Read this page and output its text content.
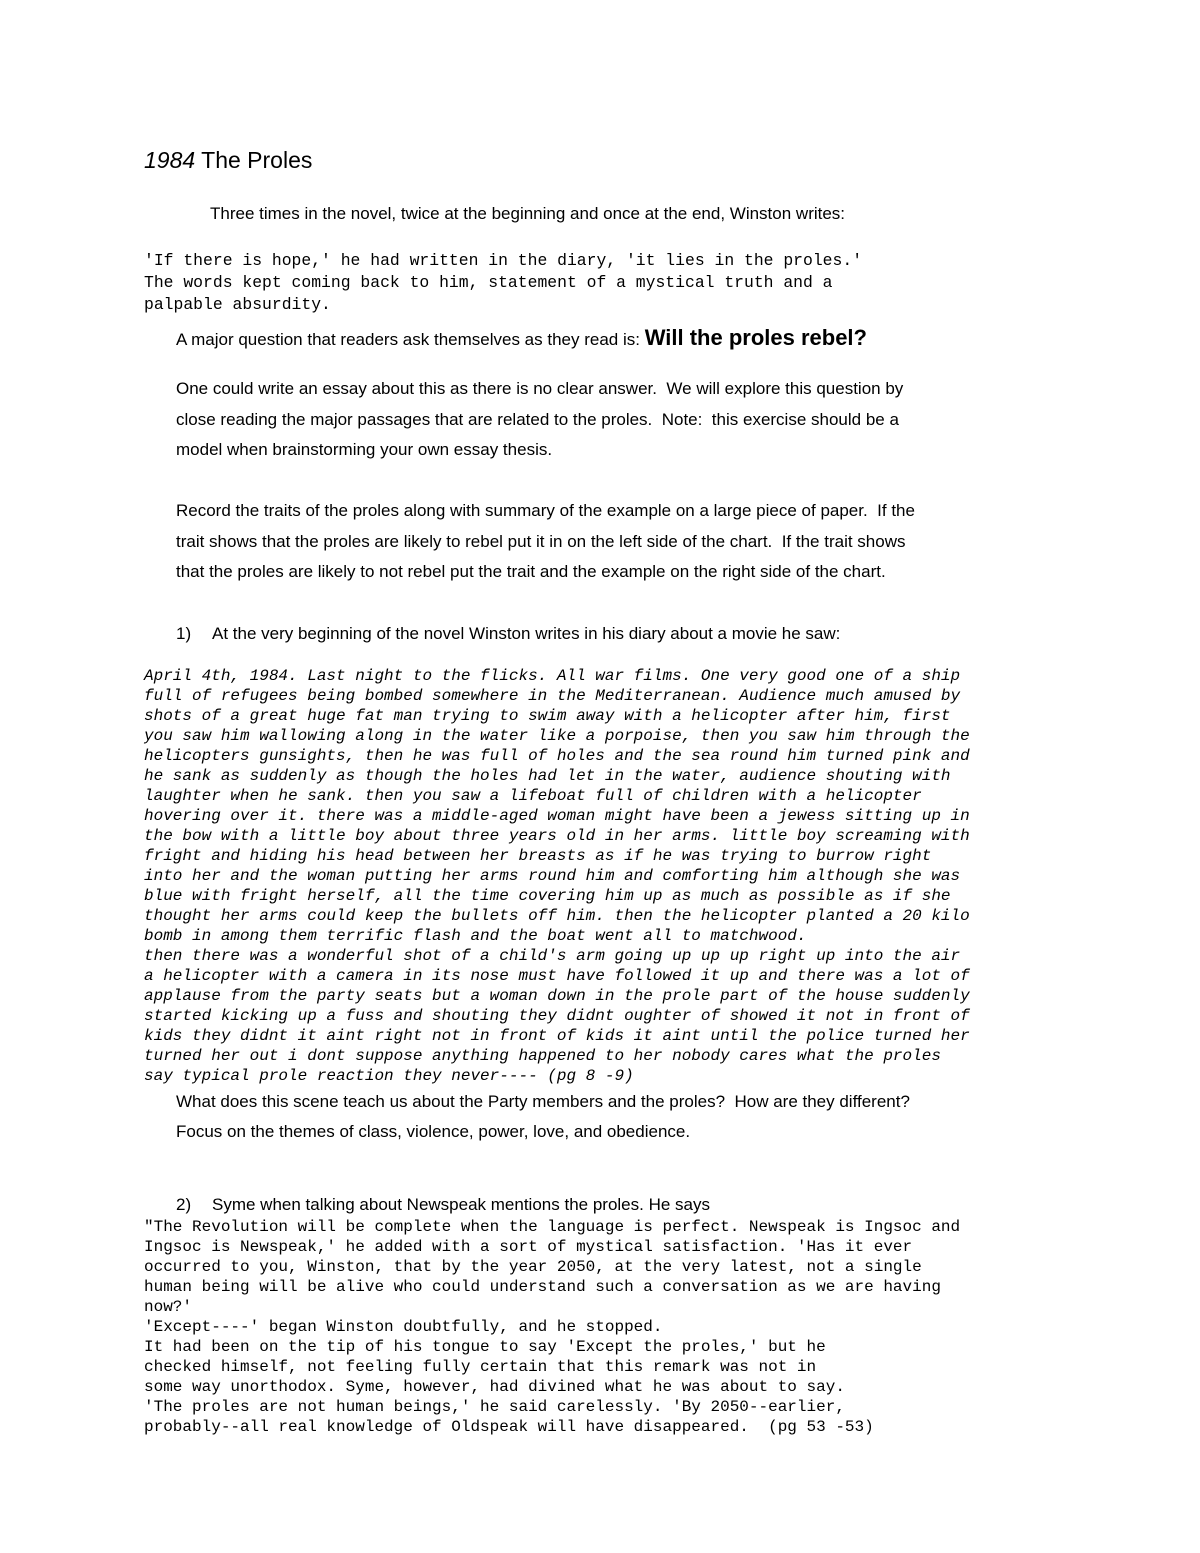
1984 The Proles
Three times in the novel, twice at the beginning and once at the end, Winston writes:
'If there is hope,' he had written in the diary, 'it lies in the proles.'
The words kept coming back to him, statement of a mystical truth and a
palpable absurdity.
A major question that readers ask themselves as they read is: Will the proles rebel?
One could write an essay about this as there is no clear answer.  We will explore this question by
close reading the major passages that are related to the proles.  Note:  this exercise should be a
model when brainstorming your own essay thesis.
Record the traits of the proles along with summary of the example on a large piece of paper.  If the
trait shows that the proles are likely to rebel put it in on the left side of the chart.  If the trait shows
that the proles are likely to not rebel put the trait and the example on the right side of the chart.
1) At the very beginning of the novel Winston writes in his diary about a movie he saw:
April 4th, 1984. Last night to the flicks. All war films. One very good one of a ship
full of refugees being bombed somewhere in the Mediterranean. Audience much amused by
shots of a great huge fat man trying to swim away with a helicopter after him, first
you saw him wallowing along in the water like a porpoise, then you saw him through the
helicopters gunsights, then he was full of holes and the sea round him turned pink and
he sank as suddenly as though the holes had let in the water, audience shouting with
laughter when he sank. then you saw a lifeboat full of children with a helicopter
hovering over it. there was a middle-aged woman might have been a jewess sitting up in
the bow with a little boy about three years old in her arms. little boy screaming with
fright and hiding his head between her breasts as if he was trying to burrow right
into her and the woman putting her arms round him and comforting him although she was
blue with fright herself, all the time covering him up as much as possible as if she
thought her arms could keep the bullets off him. then the helicopter planted a 20 kilo
bomb in among them terrific flash and the boat went all to matchwood.
then there was a wonderful shot of a child's arm going up up up right up into the air
a helicopter with a camera in its nose must have followed it up and there was a lot of
applause from the party seats but a woman down in the prole part of the house suddenly
started kicking up a fuss and shouting they didnt oughter of showed it not in front of
kids they didnt it aint right not in front of kids it aint until the police turned her
turned her out i dont suppose anything happened to her nobody cares what the proles
say typical prole reaction they never---- (pg 8 -9)
What does this scene teach us about the Party members and the proles?  How are they different?
Focus on the themes of class, violence, power, love, and obedience.
2) Syme when talking about Newspeak mentions the proles. He says
"The Revolution will be complete when the language is perfect. Newspeak is Ingsoc and
Ingsoc is Newspeak,' he added with a sort of mystical satisfaction. 'Has it ever
occurred to you, Winston, that by the year 2050, at the very latest, not a single
human being will be alive who could understand such a conversation as we are having
now?'
'Except----' began Winston doubtfully, and he stopped.
It had been on the tip of his tongue to say 'Except the proles,' but he
checked himself, not feeling fully certain that this remark was not in
some way unorthodox. Syme, however, had divined what he was about to say.
'The proles are not human beings,' he said carelessly. 'By 2050--earlier,
probably--all real knowledge of Oldspeak will have disappeared.  (pg 53 -53)
